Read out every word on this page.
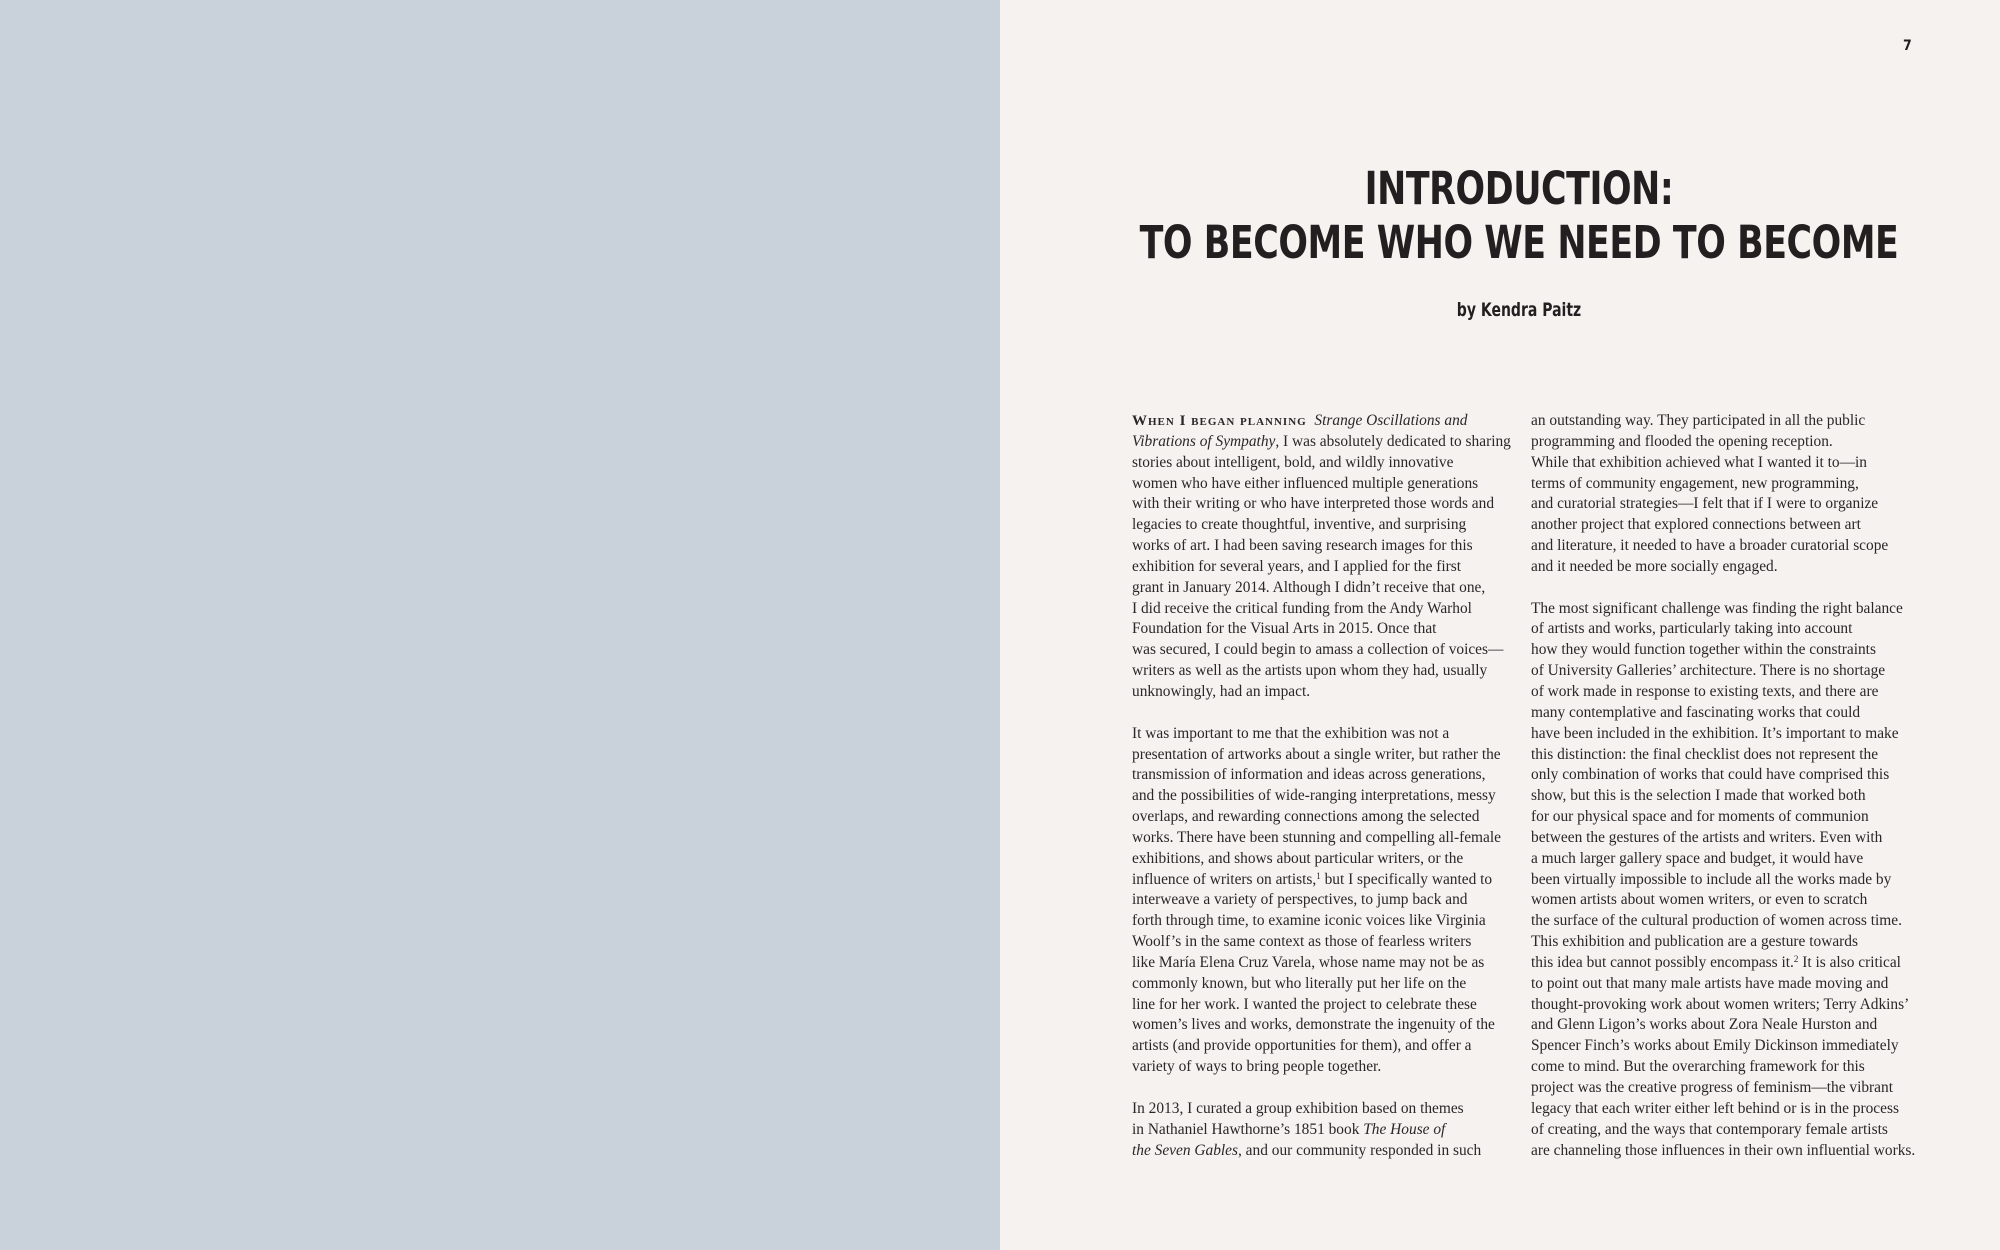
7
INTRODUCTION:
TO BECOME WHO WE NEED TO BECOME
by Kendra Paitz

When I began planning Strange Oscillations and
Vibrations of Sympathy, I was absolutely dedicated to sharing
stories about intelligent, bold, and wildly innovative
women who have either influenced multiple generations
with their writing or who have interpreted those words and
legacies to create thoughtful, inventive, and surprising
works of art. I had been saving research images for this
exhibition for several years, and I applied for the first
grant in January 2014. Although I didn’t receive that one,
I did receive the critical funding from the Andy Warhol
Foundation for the Visual Arts in 2015. Once that
was secured, I could begin to amass a collection of voices—
writers as well as the artists upon whom they had, usually
unknowingly, had an impact.

It was important to me that the exhibition was not a
presentation of artworks about a single writer, but rather the
transmission of information and ideas across generations,
and the possibilities of wide-ranging interpretations, messy
overlaps, and rewarding connections among the selected
works. There have been stunning and compelling all-female
exhibitions, and shows about particular writers, or the
influence of writers on artists,$^1$ but I specifically wanted to
interweave a variety of perspectives, to jump back and
forth through time, to examine iconic voices like Virginia
Woolf’s in the same context as those of fearless writers
like María Elena Cruz Varela, whose name may not be as
commonly known, but who literally put her life on the
line for her work. I wanted the project to celebrate these
women’s lives and works, demonstrate the ingenuity of the
artists (and provide opportunities for them), and offer a
variety of ways to bring people together.

In 2013, I curated a group exhibition based on themes
in Nathaniel Hawthorne’s 1851 book The House of
the Seven Gables, and our community responded in such

an outstanding way. They participated in all the public
programming and flooded the opening reception.
While that exhibition achieved what I wanted it to—in
terms of community engagement, new programming,
and curatorial strategies—I felt that if I were to organize
another project that explored connections between art
and literature, it needed to have a broader curatorial scope
and it needed be more socially engaged.

The most significant challenge was finding the right balance
of artists and works, particularly taking into account
how they would function together within the constraints
of University Galleries’ architecture. There is no shortage
of work made in response to existing texts, and there are
many contemplative and fascinating works that could
have been included in the exhibition. It’s important to make
this distinction: the final checklist does not represent the
only combination of works that could have comprised this
show, but this is the selection I made that worked both
for our physical space and for moments of communion
between the gestures of the artists and writers. Even with
a much larger gallery space and budget, it would have
been virtually impossible to include all the works made by
women artists about women writers, or even to scratch
the surface of the cultural production of women across time.
This exhibition and publication are a gesture towards
this idea but cannot possibly encompass it.$^2$ It is also critical
to point out that many male artists have made moving and
thought-provoking work about women writers; Terry Adkins’
and Glenn Ligon’s works about Zora Neale Hurston and
Spencer Finch’s works about Emily Dickinson immediately
come to mind. But the overarching framework for this
project was the creative progress of feminism—the vibrant
legacy that each writer either left behind or is in the process
of creating, and the ways that contemporary female artists
are channeling those influences in their own influential works.
